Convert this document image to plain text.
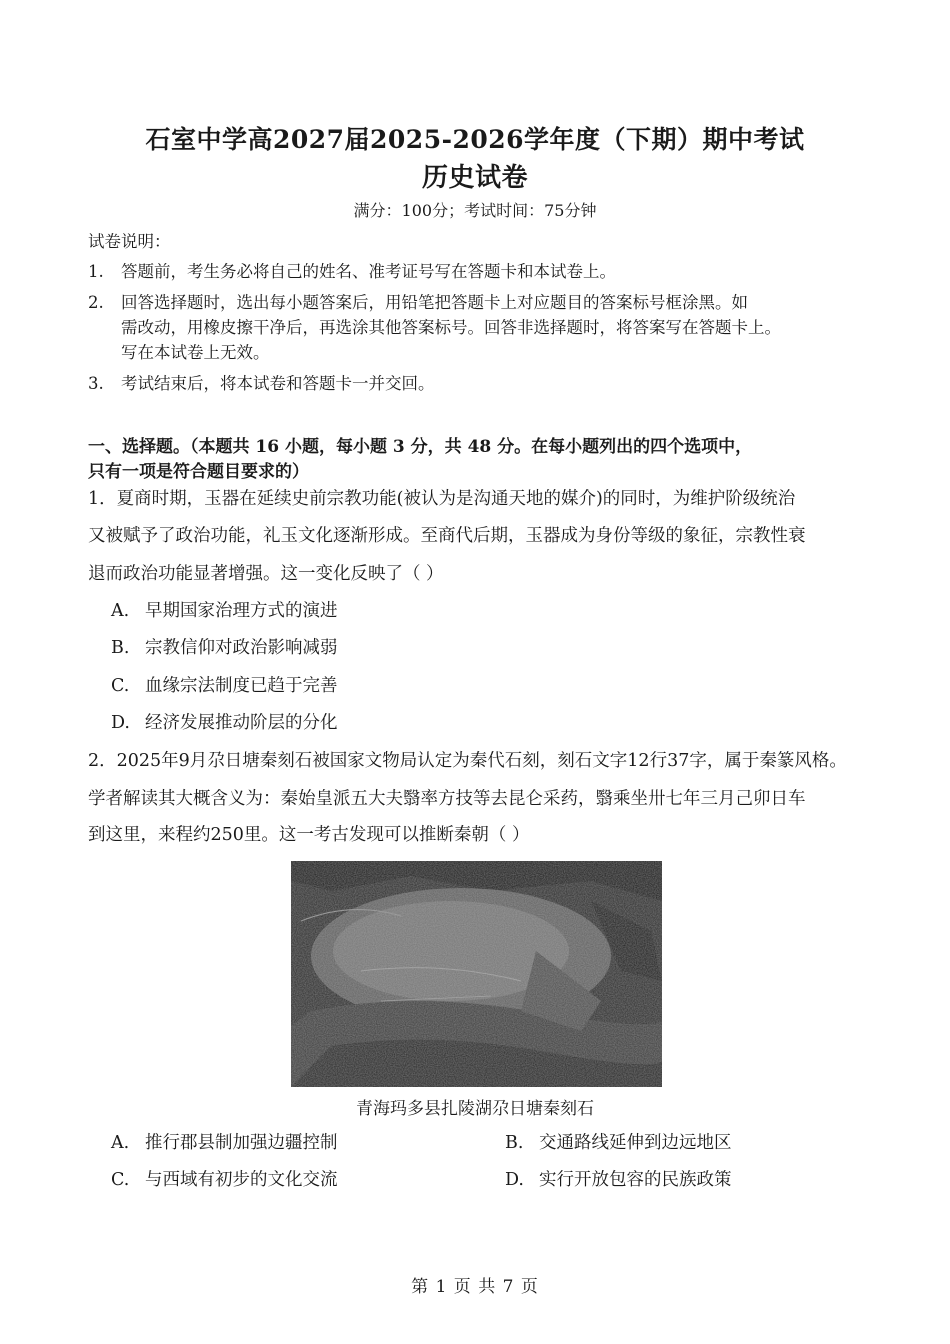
石室中学高2027届2025-2026学年度（下期）期中考试
历史试卷
满分：100分；考试时间：75分钟
试卷说明：
1. 答题前，考生务必将自己的姓名、准考证号写在答题卡和本试卷上。
2. 回答选择题时，选出每小题答案后，用铅笔把答题卡上对应题目的答案标号框涂黑。如
需改动，用橡皮擦干净后，再选涂其他答案标号。回答非选择题时，将答案写在答题卡上。
写在本试卷上无效。
3. 考试结束后，将本试卷和答题卡一并交回。
一、选择题。（本题共 16 小题，每小题 3 分，共 48 分。在每小题列出的四个选项中，
只有一项是符合题目要求的）
1．夏商时期，玉器在延续史前宗教功能(被认为是沟通天地的媒介)的同时，为维护阶级统治
又被赋予了政治功能，礼玉文化逐渐形成。至商代后期，玉器成为身份等级的象征，宗教性衰
退而政治功能显著增强。这一变化反映了（ ）
A. 早期国家治理方式的演进
B. 宗教信仰对政治影响减弱
C. 血缘宗法制度已趋于完善
D. 经济发展推动阶层的分化
2．2025年9月尕日塘秦刻石被国家文物局认定为秦代石刻，刻石文字12行37字，属于秦篆风格。
学者解读其大概含义为：秦始皇派五大夫翳率方技等去昆仑采药，翳乘坐卅七年三月己卯日车
到这里，来程约250里。这一考古发现可以推断秦朝（ ）
青海玛多县扎陵湖尕日塘秦刻石
A. 推行郡县制加强边疆控制	B. 交通路线延伸到边远地区
C. 与西域有初步的文化交流	D. 实行开放包容的民族政策
第 1 页 共 7 页
